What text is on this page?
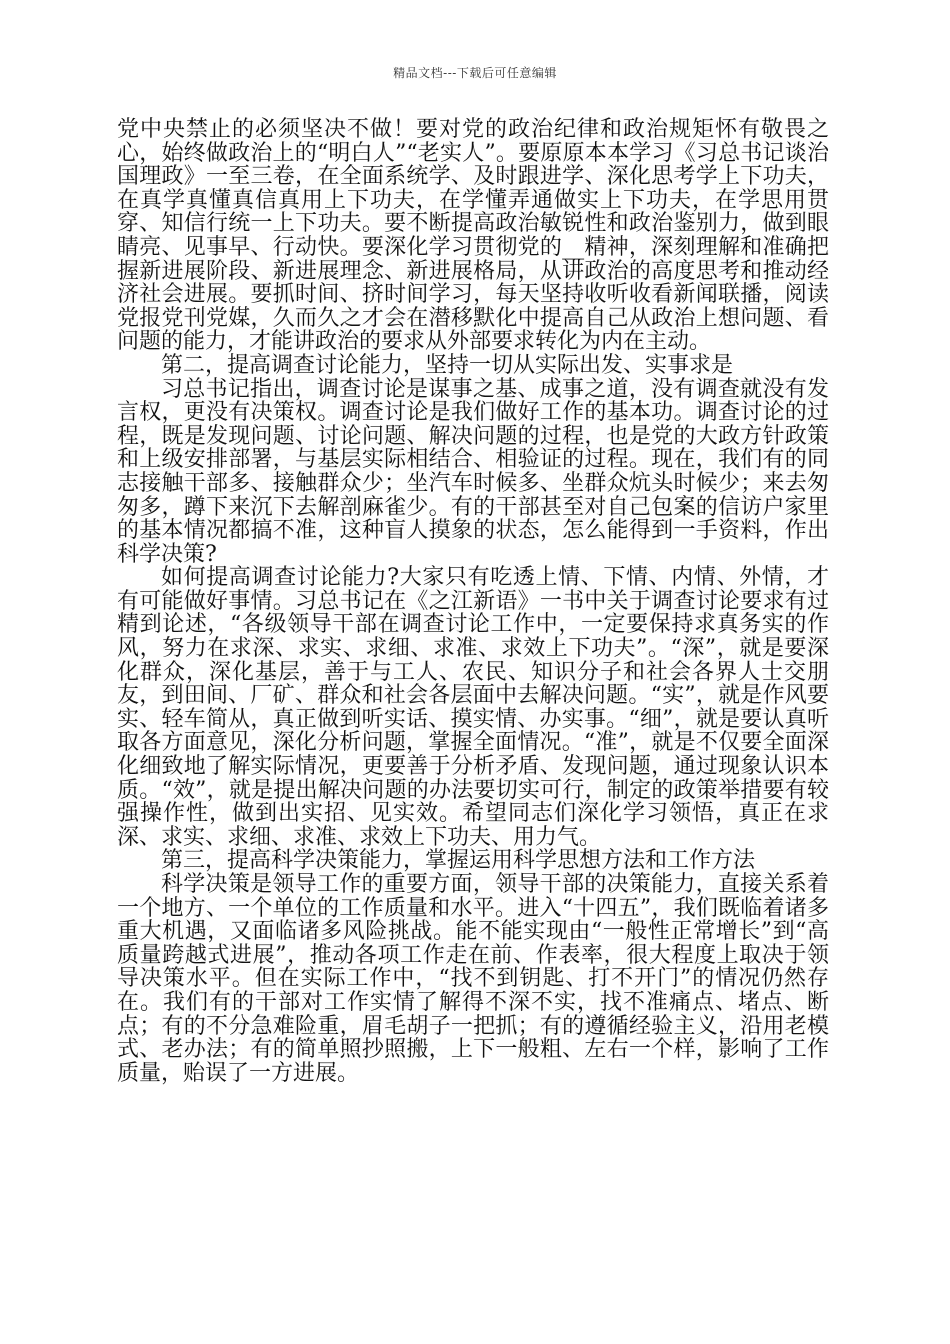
精品文档---下载后可任意编辑

党中央禁止的必须坚决不做！要对党的政治纪律和政治规矩怀有敬畏之心，始终做政治上的“明白人”“老实人”。要原原本本学习《习总书记谈治国理政》一至三卷，在全面系统学、及时跟进学、深化思考学上下功夫，在真学真懂真信真用上下功夫，在学懂弄通做实上下功夫，在学思用贯穿、知信行统一上下功夫。要不断提高政治敏锐性和政治鉴别力，做到眼睛亮、见事早、行动快。要深化学习贯彻党的__精神，深刻理解和准确把握新进展阶段、新进展理念、新进展格局，从讲政治的高度思考和推动经济社会进展。要抓时间、挤时间学习，每天坚持收听收看新闻联播，阅读党报党刊党媒，久而久之才会在潜移默化中提高自己从政治上想问题、看问题的能力，才能讲政治的要求从外部要求转化为内在主动。

第二，提高调查讨论能力，坚持一切从实际出发、实事求是

习总书记指出，调查讨论是谋事之基、成事之道，没有调查就没有发言权，更没有决策权。调查讨论是我们做好工作的基本功。调查讨论的过程，既是发现问题、讨论问题、解决问题的过程，也是党的大政方针政策和上级安排部署，与基层实际相结合、相验证的过程。现在，我们有的同志接触干部多、接触群众少；坐汽车时候多、坐群众炕头时候少；来去匆匆多，蹲下来沉下去解剖麻雀少。有的干部甚至对自己包案的信访户家里的基本情况都搞不准，这种盲人摸象的状态，怎么能得到一手资料，作出科学决策?

如何提高调查讨论能力?大家只有吃透上情、下情、内情、外情，才有可能做好事情。习总书记在《之江新语》一书中关于调查讨论要求有过精到论述，“各级领导干部在调查讨论工作中，一定要保持求真务实的作风，努力在求深、求实、求细、求准、求效上下功夫”。“深”，就是要深化群众，深化基层，善于与工人、农民、知识分子和社会各界人士交朋友，到田间、厂矿、群众和社会各层面中去解决问题。“实”，就是作风要实、轻车简从，真正做到听实话、摸实情、办实事。“细”，就是要认真听取各方面意见，深化分析问题，掌握全面情况。“准”，就是不仅要全面深化细致地了解实际情况，更要善于分析矛盾、发现问题，通过现象认识本质。“效”，就是提出解决问题的办法要切实可行，制定的政策举措要有较强操作性，做到出实招、见实效。希望同志们深化学习领悟，真正在求深、求实、求细、求准、求效上下功夫、用力气。

第三，提高科学决策能力，掌握运用科学思想方法和工作方法

科学决策是领导工作的重要方面，领导干部的决策能力，直接关系着一个地方、一个单位的工作质量和水平。进入“十四五”，我们既临着诸多重大机遇，又面临诸多风险挑战。能不能实现由“一般性正常增长”到“高质量跨越式进展”，推动各项工作走在前、作表率，很大程度上取决于领导决策水平。但在实际工作中，“找不到钥匙、打不开门”的情况仍然存在。我们有的干部对工作实情了解得不深不实，找不准痛点、堵点、断点；有的不分急难险重，眉毛胡子一把抓；有的遵循经验主义，沿用老模式、老办法；有的简单照抄照搬，上下一般粗、左右一个样，影响了工作质量，贻误了一方进展。
